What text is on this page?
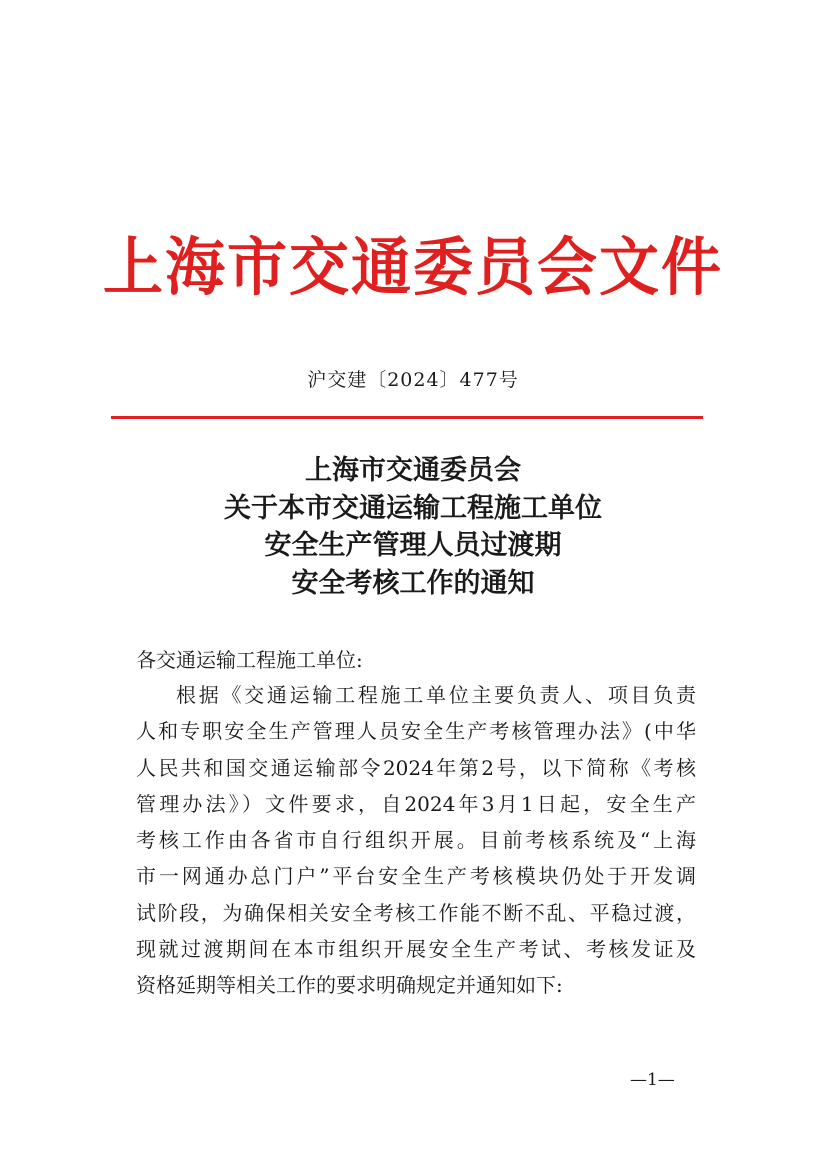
上海市交通委员会文件
沪交建〔2024〕477号
上海市交通委员会
关于本市交通运输工程施工单位
安全生产管理人员过渡期
安全考核工作的通知
各交通运输工程施工单位:
根据《交通运输工程施工单位主要负责人、项目负责
人和专职安全生产管理人员安全生产考核管理办法》(中华
人民共和国交通运输部令2024年第2号，以下简称《考核
管理办法》）文件要求，自2024年3月1日起，安全生产
考核工作由各省市自行组织开展。目前考核系统及“上海
市一网通办总门户”平台安全生产考核模块仍处于开发调
试阶段，为确保相关安全考核工作能不断不乱、平稳过渡，
现就过渡期间在本市组织开展安全生产考试、考核发证及
资格延期等相关工作的要求明确规定并通知如下:
—1—
